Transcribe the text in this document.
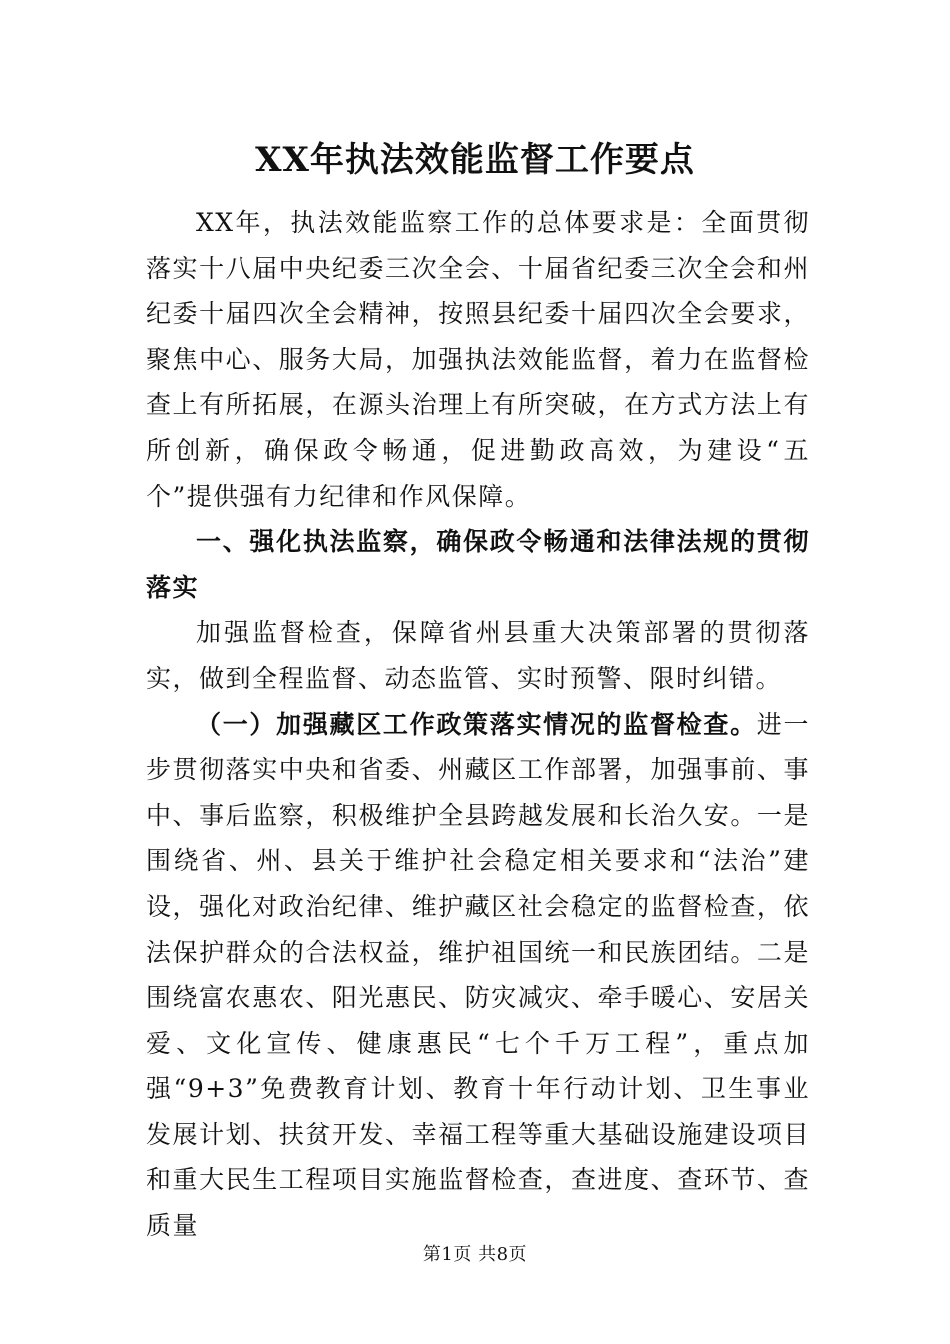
XX年执法效能监督工作要点

XX年，执法效能监察工作的总体要求是：全面贯彻落实十八届中央纪委三次全会、十届省纪委三次全会和州纪委十届四次全会精神，按照县纪委十届四次全会要求，聚焦中心、服务大局，加强执法效能监督，着力在监督检查上有所拓展，在源头治理上有所突破，在方式方法上有所创新，确保政令畅通，促进勤政高效，为建设“五个”提供强有力纪律和作风保障。

一、强化执法监察，确保政令畅通和法律法规的贯彻落实

加强监督检查，保障省州县重大决策部署的贯彻落实，做到全程监督、动态监管、实时预警、限时纠错。

（一）加强藏区工作政策落实情况的监督检查。进一步贯彻落实中央和省委、州藏区工作部署，加强事前、事中、事后监察，积极维护全县跨越发展和长治久安。一是围绕省、州、县关于维护社会稳定相关要求和“法治”建设，强化对政治纪律、维护藏区社会稳定的监督检查，依法保护群众的合法权益，维护祖国统一和民族团结。二是围绕富农惠农、阳光惠民、防灾减灾、牵手暖心、安居关爱、文化宣传、健康惠民“七个千万工程”，重点加强“9+3”免费教育计划、教育十年行动计划、卫生事业发展计划、扶贫开发、幸福工程等重大基础设施建设项目和重大民生工程项目实施监督检查，查进度、查环节、查质量

第1页 共8页
